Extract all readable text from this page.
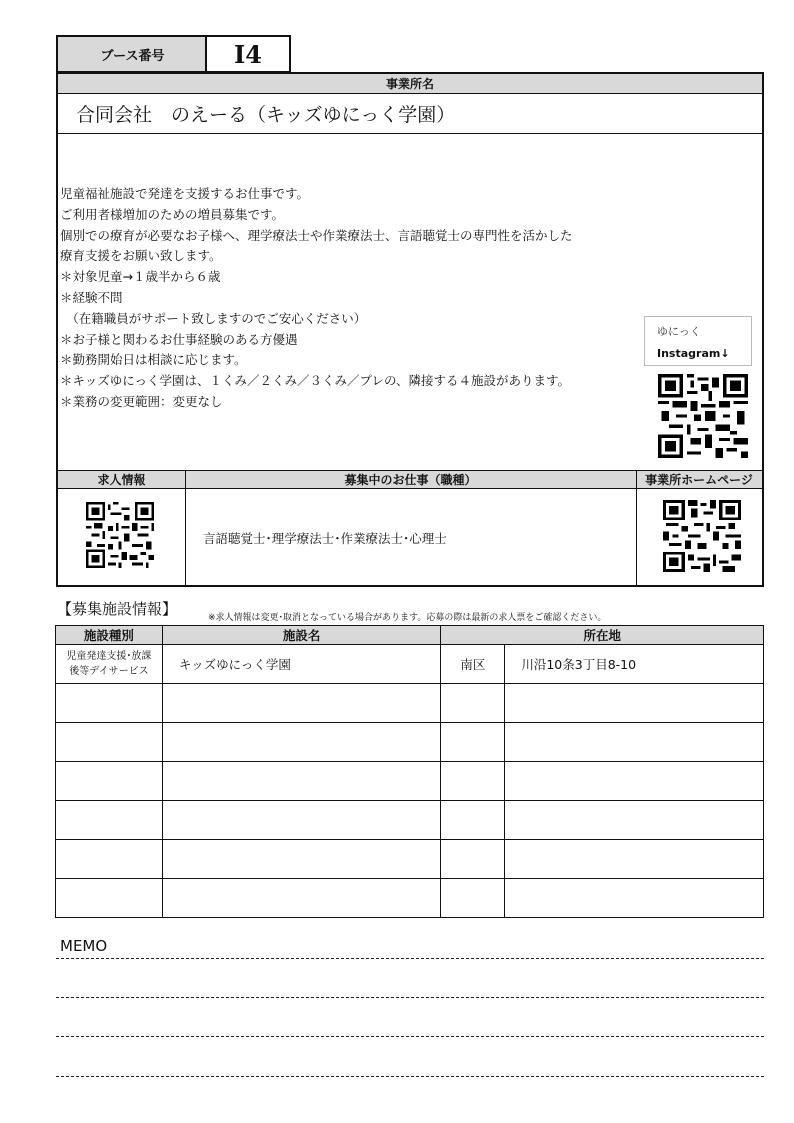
ブース番号	I4
事業所名
合同会社　のえーる（キッズゆにっく学園）
児童福祉施設で発達を支援するお仕事です。
ご利用者様増加のための増員募集です。
個別での療育が必要なお子様へ、理学療法士や作業療法士、言語聴覚士の専門性を活かした
療育支援をお願い致します。
＊対象児童→１歳半から６歳
＊経験不問
　（在籍職員がサポート致しますのでご安心ください）
＊お子様と関わるお仕事経験のある方優遇
＊勤務開始日は相談に応じます。
＊キッズゆにっく学園は、１くみ／２くみ／３くみ／プレの、隣接する４施設があります。
＊業務の変更範囲：変更なし
ゆにっく
Instagram↓
求人情報	募集中のお仕事（職種）	事業所ホームページ
言語聴覚士･理学療法士･作業療法士･心理士
【募集施設情報】	※求人情報は変更･取消となっている場合があります。応募の際は最新の求人票をご確認ください。
施設種別	施設名	所在地	

児童発達支援･放課
後等デイサービス	キッズゆにっく学園	南区	川沿10条3丁目8-10

MEMO
